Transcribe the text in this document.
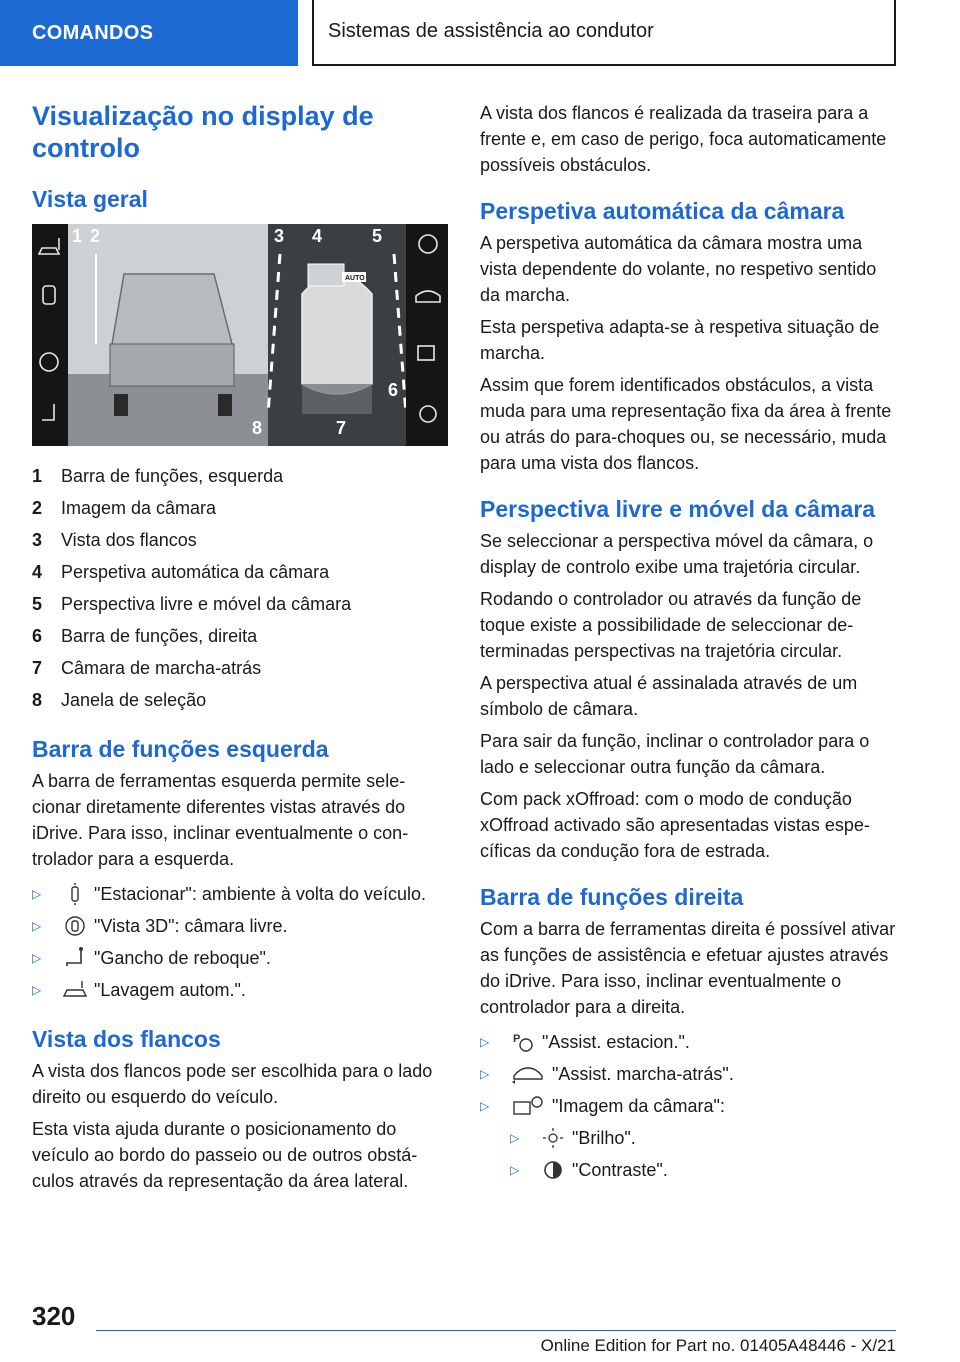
COMANDOS	Sistemas de assistência ao condutor
Visualização no display de controlo
Vista geral
AUTO
1 2	3 4	5
6
7
8
1	Barra de funções, esquerda
2	Imagem da câmara
3	Vista dos flancos
4	Perspetiva automática da câmara
5	Perspectiva livre e móvel da câmara
6	Barra de funções, direita
7	Câmara de marcha-atrás
8	Janela de seleção
Barra de funções esquerda

A barra de ferramentas esquerda permite selecionar diretamente diferentes vistas através do iDrive. Para isso, inclinar eventualmente o controlador para a esquerda.

▷	"Estacionar": ambiente à volta do veículo.
▷	"Vista 3D": câmara livre.
▷	"Gancho de reboque".
▷	"Lavagem autom.".
Vista dos flancos

A vista dos flancos pode ser escolhida para o lado direito ou esquerdo do veículo.

Esta vista ajuda durante o posicionamento do veículo ao bordo do passeio ou de outros obstáculos através da representação da área lateral.

A vista dos flancos é realizada da traseira para a frente e, em caso de perigo, foca automaticamente possíveis obstáculos.

Perspetiva automática da câmara

A perspetiva automática da câmara mostra uma vista dependente do volante, no respetivo sentido da marcha.

Esta perspetiva adapta-se à respetiva situação de marcha.

Assim que forem identificados obstáculos, a vista muda para uma representação fixa da área à frente ou atrás do para-choques ou, se necessário, muda para uma vista dos flancos.

Perspectiva livre e móvel da câmara

Se seleccionar a perspectiva móvel da câmara, o display de controlo exibe uma trajetória circular.

Rodando o controlador ou através da função de toque existe a possibilidade de seleccionar determinadas perspectivas na trajetória circular.

A perspectiva atual é assinalada através de um símbolo de câmara.

Para sair da função, inclinar o controlador para o lado e seleccionar outra função da câmara.

Com pack xOffroad: com o modo de condução xOffroad activado são apresentadas vistas específicas da condução fora de estrada.

Barra de funções direita

Com a barra de ferramentas direita é possível ativar as funções de assistência e efetuar ajustes através do iDrive. Para isso, inclinar eventualmente o controlador para a direita.

▷	P "Assist. estacion.".
▷	"Assist. marcha-atrás".
▷	"Imagem da câmara":
▷	"Brilho".
▷	"Contraste".
320
Online Edition for Part no. 01405A48446 - X/21
